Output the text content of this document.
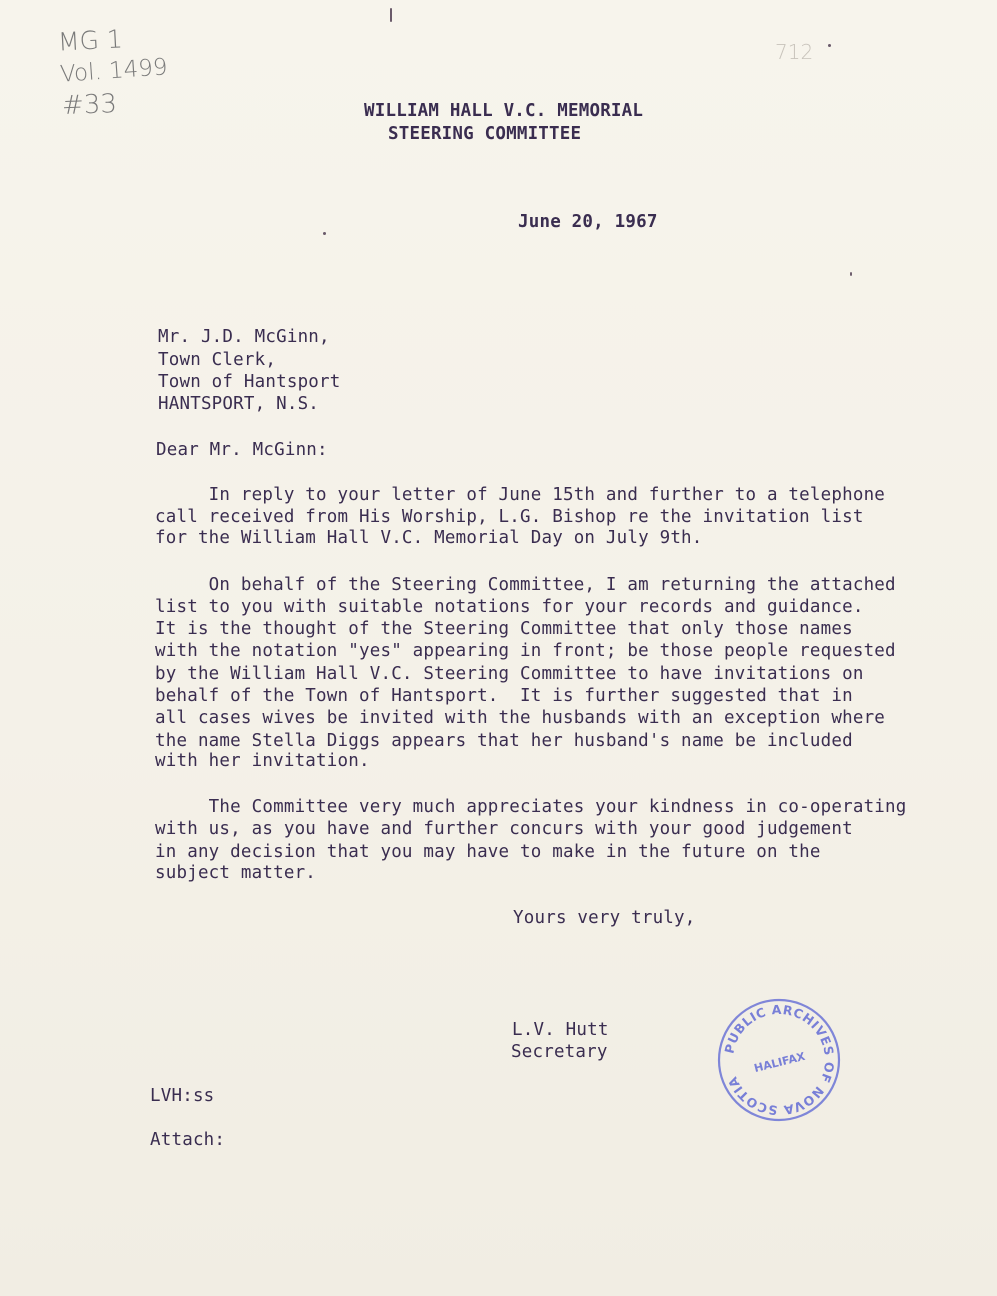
MG 1
Vol. 1499
#33
712
WILLIAM HALL V.C. MEMORIAL
STEERING COMMITTEE
June 20, 1967
Mr. J.D. McGinn,
Town Clerk,
Town of Hantsport
HANTSPORT, N.S.
Dear Mr. McGinn:
In reply to your letter of June 15th and further to a telephone
call received from His Worship, L.G. Bishop re the invitation list
for the William Hall V.C. Memorial Day on July 9th.
On behalf of the Steering Committee, I am returning the attached
list to you with suitable notations for your records and guidance.
It is the thought of the Steering Committee that only those names
with the notation "yes" appearing in front; be those people requested
by the William Hall V.C. Steering Committee to have invitations on
behalf of the Town of Hantsport.  It is further suggested that in
all cases wives be invited with the husbands with an exception where
the name Stella Diggs appears that her husband's name be included
with her invitation.
The Committee very much appreciates your kindness in co-operating
with us, as you have and further concurs with your good judgement
in any decision that you may have to make in the future on the
subject matter.
Yours very truly,
L.V. Hutt
Secretary	PUBLIC ARCHIVES OF NOVA SCOTIA
HALIFAX
LVH:ss
Attach:
